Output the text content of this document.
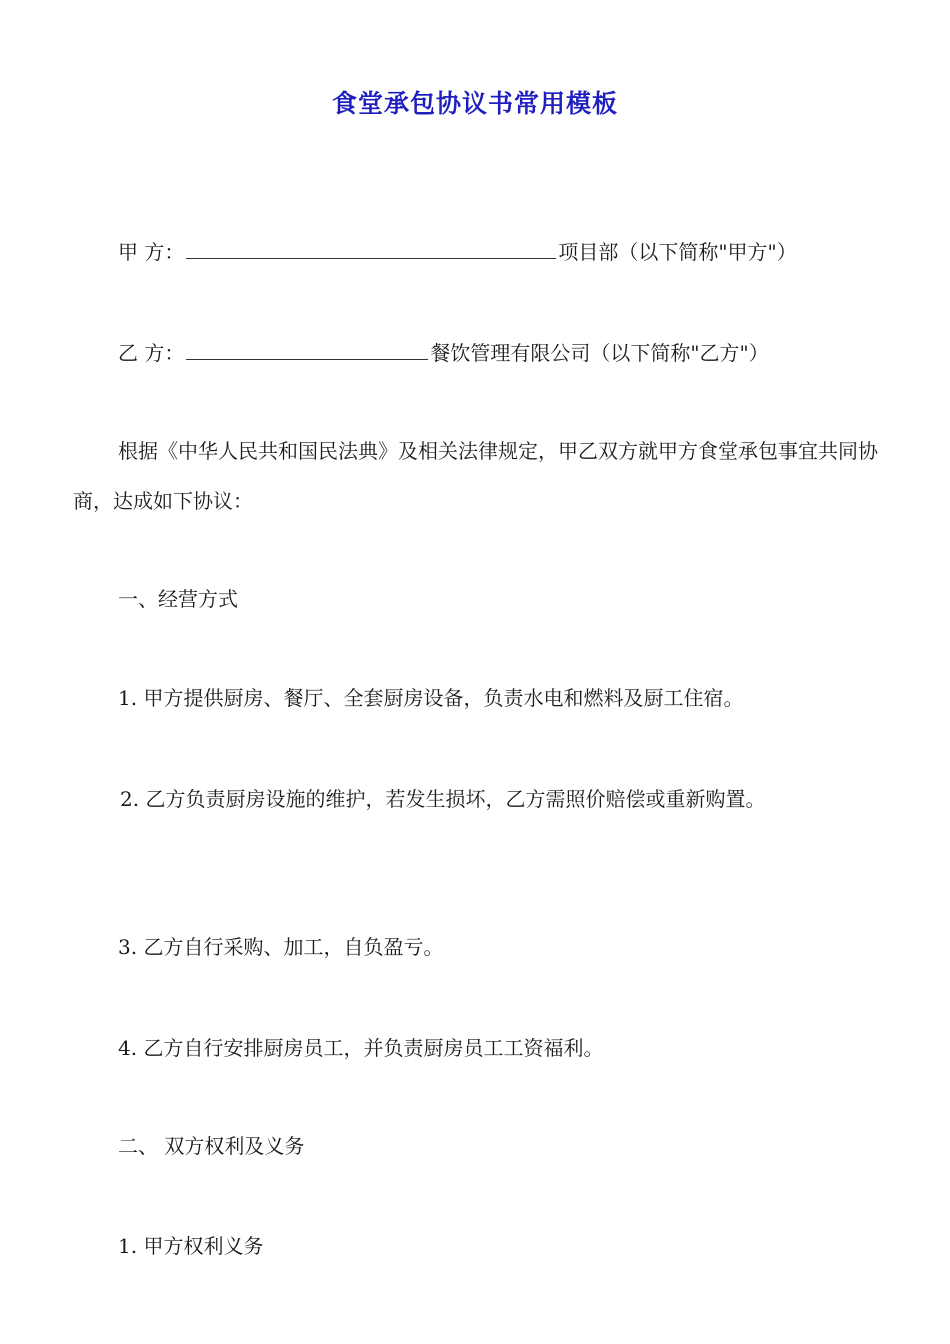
食堂承包协议书常用模板
甲 方：	项目部（以下简称"甲方"）
乙 方：	餐饮管理有限公司（以下简称"乙方"）
根据《中华人民共和国民法典》及相关法律规定，甲乙双方就甲方食堂承包事宜共同协商，达成如下协议：
一、经营方式
1. 甲方提供厨房、餐厅、全套厨房设备，负责水电和燃料及厨工住宿。
2. 乙方负责厨房设施的维护，若发生损坏，乙方需照价赔偿或重新购置。
3. 乙方自行采购、加工，自负盈亏。
4. 乙方自行安排厨房员工，并负责厨房员工工资福利。
二、 双方权利及义务
1. 甲方权利义务
